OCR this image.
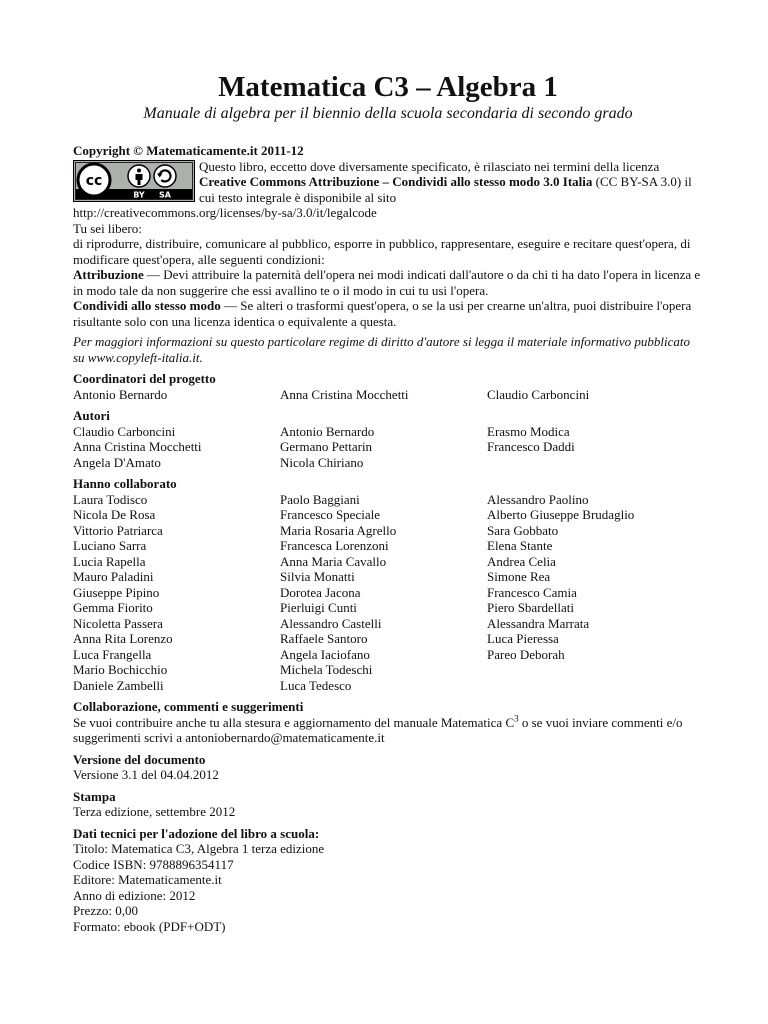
Matematica C3 – Algebra 1
Manuale di algebra per il biennio della scuola secondaria di secondo grado
Copyright © Matematicamente.it 2011-12
cc
BY SA
Questo libro, eccetto dove diversamente specificato, è rilasciato nei termini della licenza Creative Commons Attribuzione – Condividi allo stesso modo 3.0 Italia (CC BY-SA 3.0) il cui testo integrale è disponibile al sito
http://creativecommons.org/licenses/by-sa/3.0/it/legalcode
Tu sei libero:
di riprodurre, distribuire, comunicare al pubblico, esporre in pubblico, rappresentare, eseguire e recitare quest'opera, di modificare quest'opera, alle seguenti condizioni:
Attribuzione — Devi attribuire la paternità dell'opera nei modi indicati dall'autore o da chi ti ha dato l'opera in licenza e in modo tale da non suggerire che essi avallino te o il modo in cui tu usi l'opera.
Condividi allo stesso modo — Se alteri o trasformi quest'opera, o se la usi per crearne un'altra, puoi distribuire l'opera risultante solo con una licenza identica o equivalente a questa.
Per maggiori informazioni su questo particolare regime di diritto d'autore si legga il materiale informativo pubblicato su www.copyleft-italia.it.
Coordinatori del progetto
Antonio Bernardo	Anna Cristina Mocchetti	Claudio Carboncini
Autori
Claudio Carboncini	Antonio Bernardo	Erasmo Modica
Anna Cristina Mocchetti	Germano Pettarin	Francesco Daddi
Angela D'Amato	Nicola Chiriano

Hanno collaborato
Laura Todisco	Paolo Baggiani	Alessandro Paolino
Nicola De Rosa	Francesco Speciale	Alberto Giuseppe Brudaglio
Vittorio Patriarca	Maria Rosaria Agrello	Sara Gobbato
Luciano Sarra	Francesca Lorenzoni	Elena Stante
Lucia Rapella	Anna Maria Cavallo	Andrea Celia
Mauro Paladini	Silvia Monatti	Simone Rea
Giuseppe Pipino	Dorotea Jacona	Francesco Camia
Gemma Fiorito	Pierluigi Cunti	Piero Sbardellati
Nicoletta Passera	Alessandro Castelli	Alessandra Marrata
Anna Rita Lorenzo	Raffaele Santoro	Luca Pieressa
Luca Frangella	Angela Iaciofano	Pareo Deborah
Mario Bochicchio	Michela Todeschi

Daniele Zambelli	Luca Tedesco

Collaborazione, commenti e suggerimenti
Se vuoi contribuire anche tu alla stesura e aggiornamento del manuale Matematica $C^3$ o se vuoi inviare commenti e/o suggerimenti scrivi a antoniobernardo@matematicamente.it
Versione del documento
Versione 3.1 del 04.04.2012
Stampa
Terza edizione, settembre 2012
Dati tecnici per l'adozione del libro a scuola:
Titolo: Matematica C3, Algebra 1 terza edizione
Codice ISBN: 9788896354117
Editore: Matematicamente.it
Anno di edizione: 2012
Prezzo: 0,00
Formato: ebook (PDF+ODT)
